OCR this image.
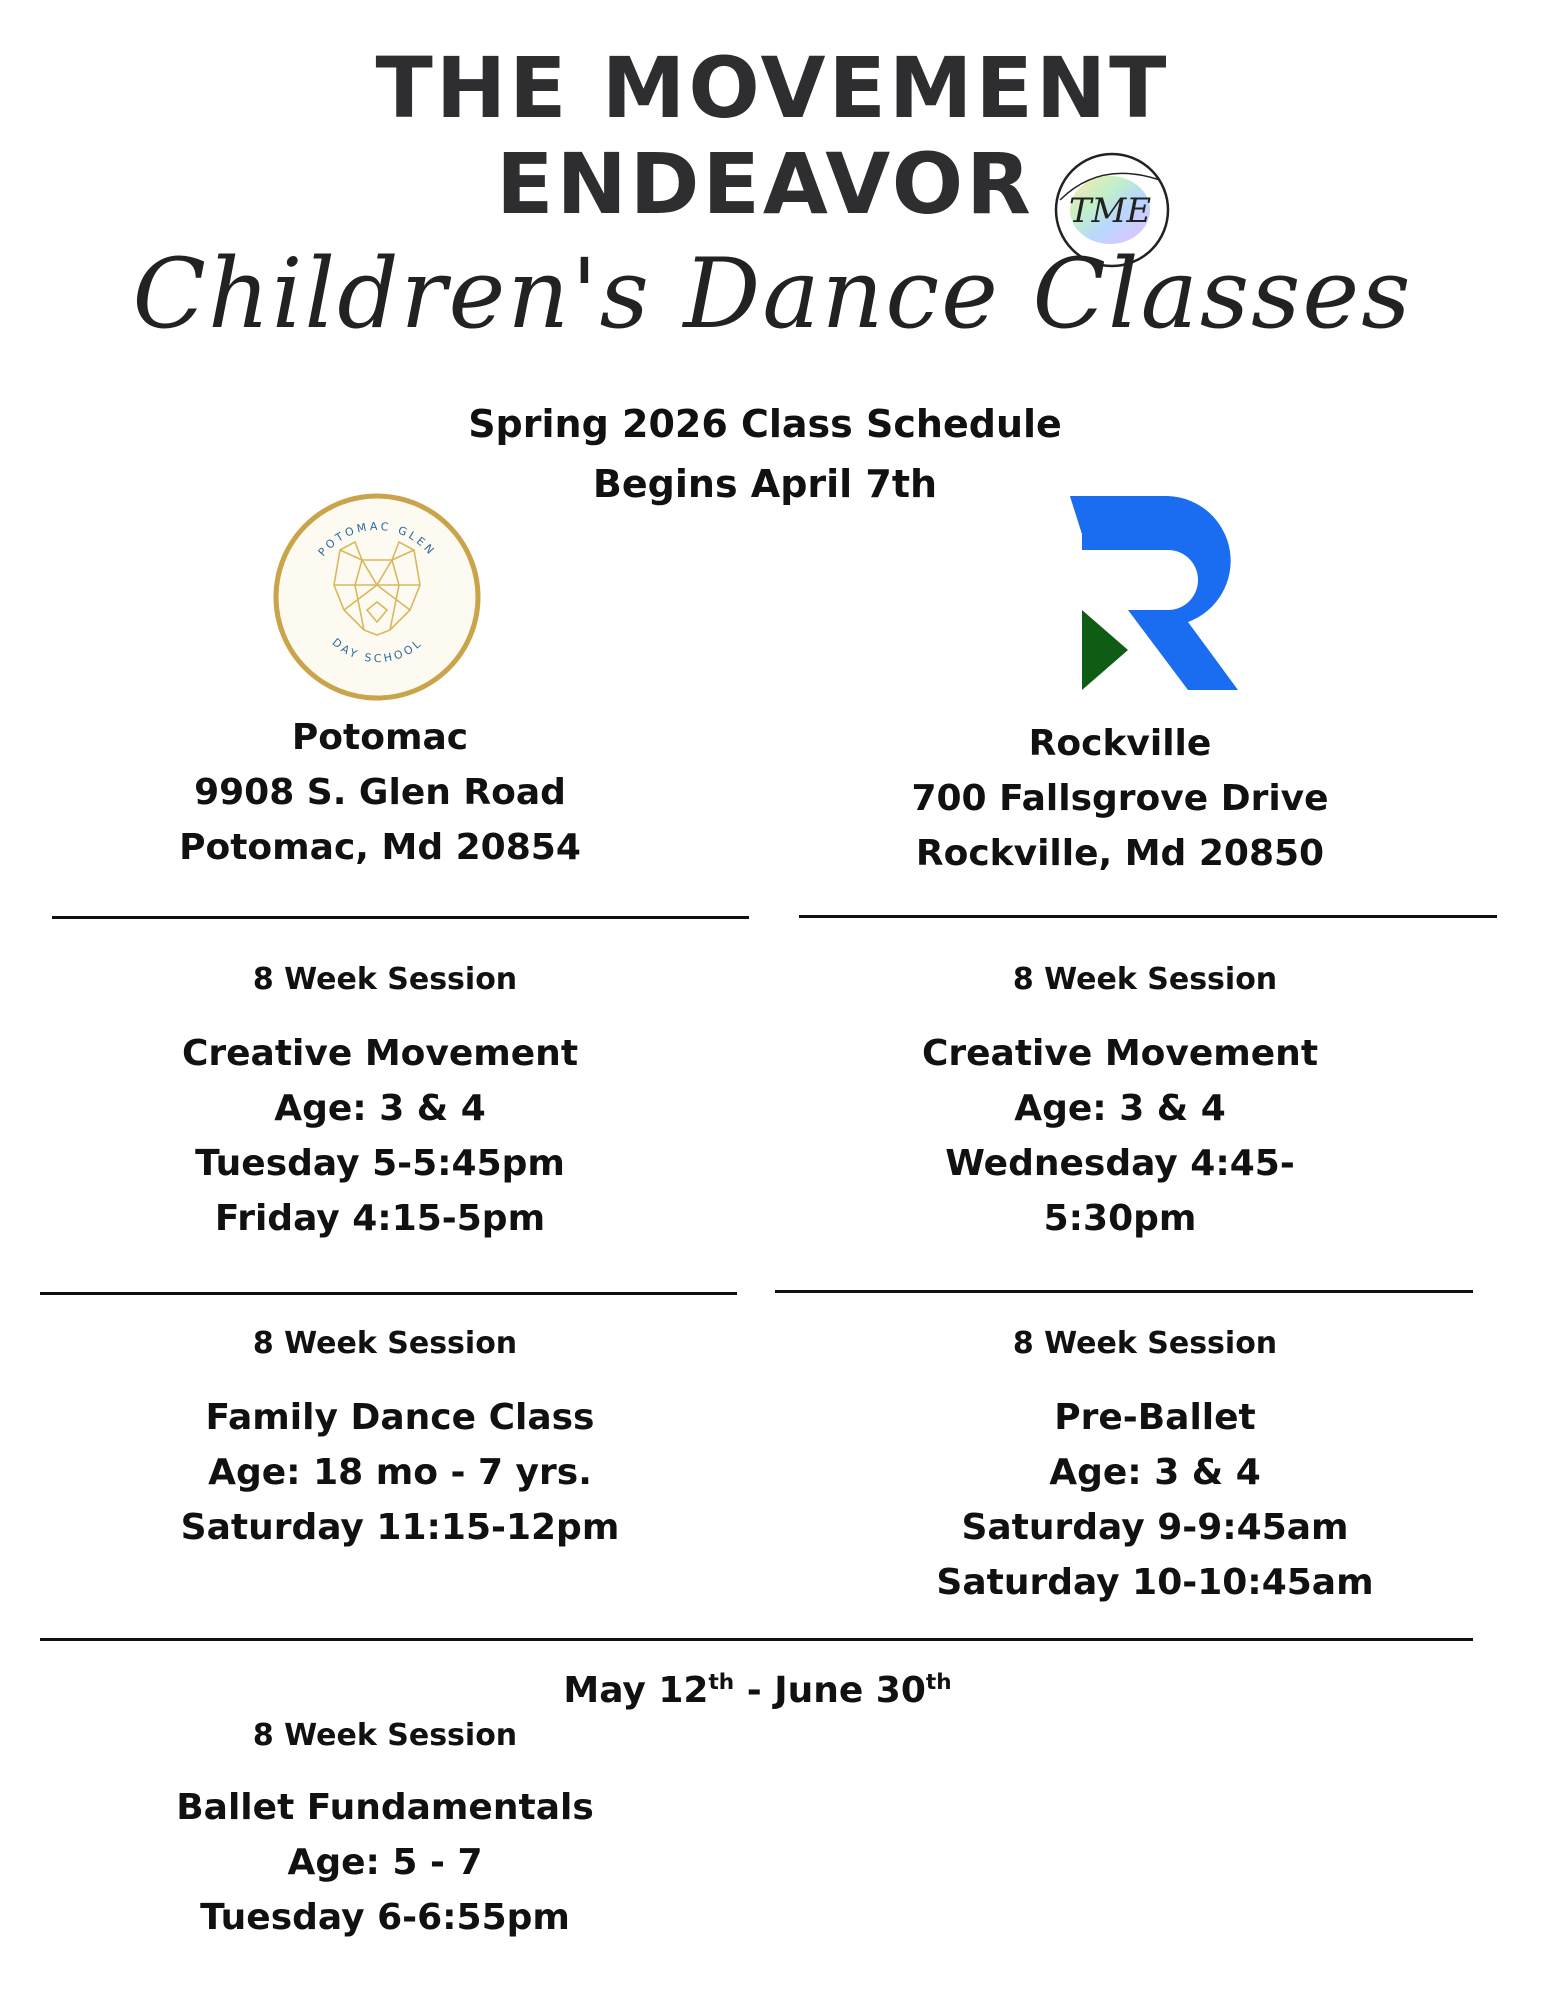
THE MOVEMENT
ENDEAVOR	TME
Children's Dance Classes
Spring 2026 Class Schedule
Begins April 7th
POTOMAC GLEN
DAY SCHOOL
Potomac
9908 S. Glen Road
Potomac, Md 20854
Rockville
700 Fallsgrove Drive
Rockville, Md 20850
8 Week Session
Creative Movement
Age: 3 & 4
Tuesday 5-5:45pm
Friday 4:15-5pm
8 Week Session
Creative Movement
Age: 3 & 4
Wednesday 4:45-5:30pm
8 Week Session
Family Dance Class
Age: 18 mo - 7 yrs.
Saturday 11:15-12pm
8 Week Session
Pre-Ballet
Age: 3 & 4
Saturday 9-9:45am
Saturday 10-10:45am
May 12th - June 30th
8 Week Session
Ballet Fundamentals
Age: 5 - 7
Tuesday 6-6:55pm
